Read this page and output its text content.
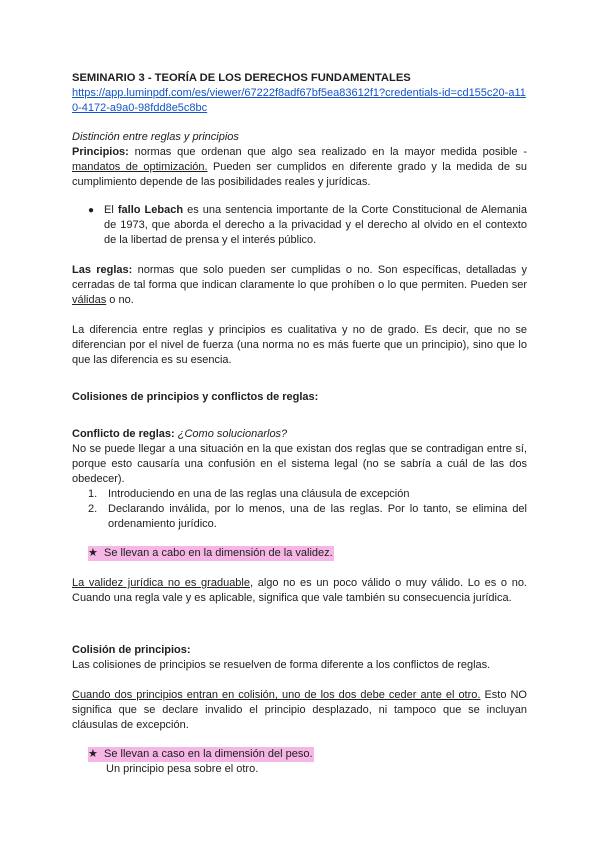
SEMINARIO 3 - TEORÍA DE LOS DERECHOS FUNDAMENTALES

https://app.luminpdf.com/es/viewer/67222f8adf67bf5ea83612f1?credentials-id=cd155c20-a110-4172-a9a0-98fdd8e5c8bc

Distinción entre reglas y principios

Principios: normas que ordenan que algo sea realizado en la mayor medida posible - mandatos de optimización. Pueden ser cumplidos en diferente grado y la medida de su cumplimiento depende de las posibilidades reales y jurídicas.

● El fallo Lebach es una sentencia importante de la Corte Constitucional de Alemania de 1973, que aborda el derecho a la privacidad y el derecho al olvido en el contexto de la libertad de prensa y el interés público.

Las reglas: normas que solo pueden ser cumplidas o no. Son específicas, detalladas y cerradas de tal forma que indican claramente lo que prohíben o lo que permiten. Pueden ser válidas o no.

La diferencia entre reglas y principios es cualitativa y no de grado. Es decir, que no se diferencian por el nivel de fuerza (una norma no es más fuerte que un principio), sino que lo que las diferencia es su esencia.

Colisiones de principios y conflictos de reglas:

Conflicto de reglas: ¿Como solucionarlos?

No se puede llegar a una situación en la que existan dos reglas que se contradigan entre sí, porque esto causaría una confusión en el sistema legal (no se sabría a cuál de las dos obedecer).

1. Introduciendo en una de las reglas una cláusula de excepción
2. Declarando inválida, por lo menos, una de las reglas. Por lo tanto, se elimina del ordenamiento jurídico.
★ Se llevan a cabo en la dimensión de la validez.

La validez jurídica no es graduable, algo no es un poco válido o muy válido. Lo es o no. Cuando una regla vale y es aplicable, significa que vale también su consecuencia jurídica.

Colisión de principios:

Las colisiones de principios se resuelven de forma diferente a los conflictos de reglas.

Cuando dos principios entran en colisión, uno de los dos debe ceder ante el otro. Esto NO significa que se declare invalido el principio desplazado, ni tampoco que se incluyan cláusulas de excepción.

★ Se llevan a caso en la dimensión del peso.

Un principio pesa sobre el otro.
